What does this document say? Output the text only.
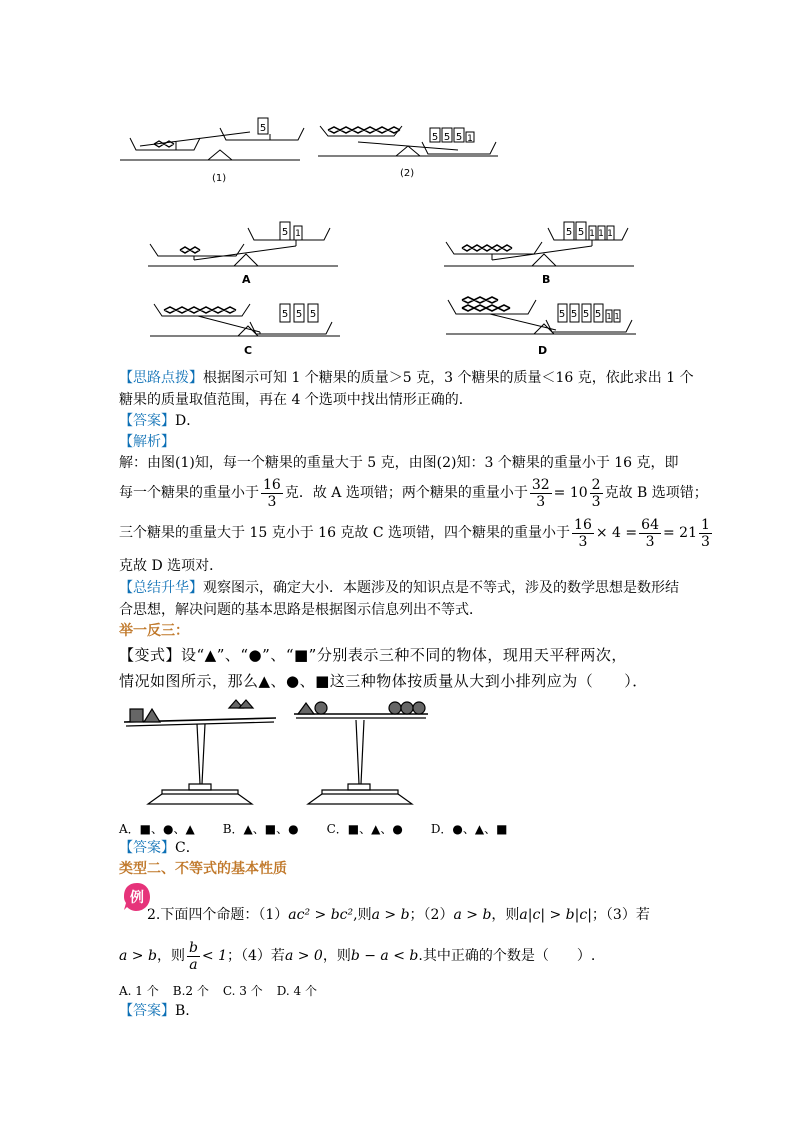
5
(1)
5 5 5 1
(2)
5 1
A
5 5 1 1 1
B
5 5 5
C
5 5 5 5 1 1
D
【思路点拨】根据图示可知 1 个糖果的质量＞5 克，3 个糖果的质量＜16 克，依此求出 1 个
糖果的质量取值范围，再在 4 个选项中找出情形正确的．
【答案】D．
【解析】
解：由图(1)知，每一个糖果的重量大于 5 克，由图(2)知：3 个糖果的重量小于 16 克，即
每一个糖果的重量小于 $\frac{16}{3}$ 克．故 A 选项错；两个糖果的重量小于 $\frac{32}{3} = 10 \frac{2}{3}$ 克故 B 选项错；
三个糖果的重量大于 15 克小于 16 克故 C 选项错，四个糖果的重量小于 $\frac{16}{3} \times 4 = \frac{64}{3} = 21 \frac{1}{3}$
克故 D 选项对．
【总结升华】观察图示，确定大小．本题涉及的知识点是不等式，涉及的数学思想是数形结
合思想，解决问题的基本思路是根据图示信息列出不等式．
举一反三：
【变式】设“▲”、“●”、“■”分别表示三种不同的物体，现用天平秤两次，
情况如图所示，那么▲、●、■这三种物体按质量从大到小排列应为（　　）．
A．■、●、▲ B．▲、■、● C．■、▲、● D．●、▲、■
【答案】C．
类型二、不等式的基本性质
例
2.下面四个命题：（1）ac² > bc²,则a > b；（2）a > b，则a|c| > b|c|；（3）若
a > b，则 $\frac{b}{a} < 1$；（4）若a > 0，则b − a < b.其中正确的个数是（　　）.
A. 1 个 B.2 个 C. 3 个 D. 4 个
【答案】B.
